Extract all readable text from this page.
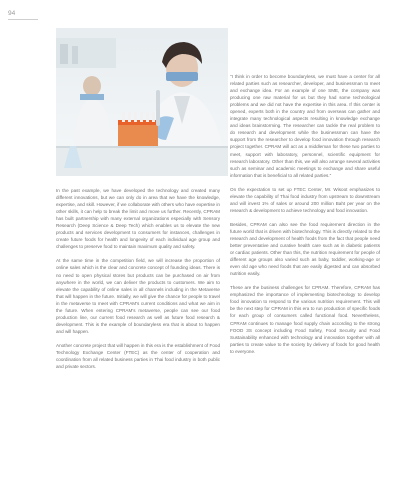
94

In the past example, we have developed the technology and created many different innovations, but we can only do in area that we have the knowledge, expertise, and skill. However, if we collaborate with others who have expertise in other skills, it can help to break the limit and move us further. Recently, CPRAM has built partnership with many external organizations especially with Sensory Research (Deep Science & Deep Tech) which enables us to elevate the new products and services development to consumers for instances, challenges in create future foods for health and longevity of each individual age group and challenges to preserve food to maintain maximum quality and safety.

At the same time in the competition field, we will increase the proportion of online sales which is the clear and concrete concept of founding ideas. There is no need to open physical stores but products can be purchased on air from anywhere in the world, we can deliver the products to customers. We aim to elevate the capability of online sales in all channels including in the Metaverse that will happen in the future. Initially, we will give the chance for people to travel in the metaverse to meet with CPRAM's current conditions and what we aim in the future. When entering CPRAM's metaverse, people can see our food production line, our current food research as well as future food research & development. This is the example of boundaryless era that is about to happen and will happen.

Another concrete project that will happen in this era is the establishment of Food Technology Exchange Center (FTEC) as the center of cooperation and coordination from all related business parties in Thai food industry in both public and private sectors.

"I think in order to become boundaryless, we must have a center for all related parties such as researcher, developer, and businessman to meet and exchange idea. For an example of one SME, the company was producing one raw material for us but they had some technological problems and we did not have the expertise in this area. If this center is opened, experts both in the country and from overseas can gather and integrate many technological aspects resulting in knowledge exchange and ideas brainstorming. The researcher can tackle the real problem to do research and development while the businessman can have the support from the researcher to develop food innovation through research project together. CPRAM will act as a middleman for these two parties to meet, support with laboratory, personnel, scientific equipment for research laboratory. Other than this, we will also arrange several activities such as seminar and academic meetings to exchange and share useful information that is beneficial to all related parties."

On the expectation to set up FTEC Center, Mr. Wisoot emphasizes to elevate the capability of Thai food industry from upstream to downstream and will invest 1% of sales or around 200 million Baht per year on the research & development to achieve technology and food innovation.

Besides, CPRAM can also see the food requirement direction in the future world that is driven with biotechnology. This is directly related to the research and development of health foods from the fact that people need better preventative and curative health care such as in diabetic patients or cardiac patients. Other than this, the nutrition requirement for people of different age groups also varied such as baby, toddler, working-age or even old age who need foods that are easily digested and can absorbed nutrition easily.

These are the business challenges for CPRAM. Therefore, CPRAM has emphasized the importance of implementing biotechnology to develop food innovation to respond to the various nutrition requirement. This will be the next step for CPRAM in this era to run production of specific foods for each group of consumers called functional food. Nevertheless, CPRAM continues to manage food supply chain according to the strong FOOD 3S concept including Food Safety, Food Security and Food Sustainability enhanced with technology and innovation together with all parties to create value to the society by delivery of foods for good health to everyone.
